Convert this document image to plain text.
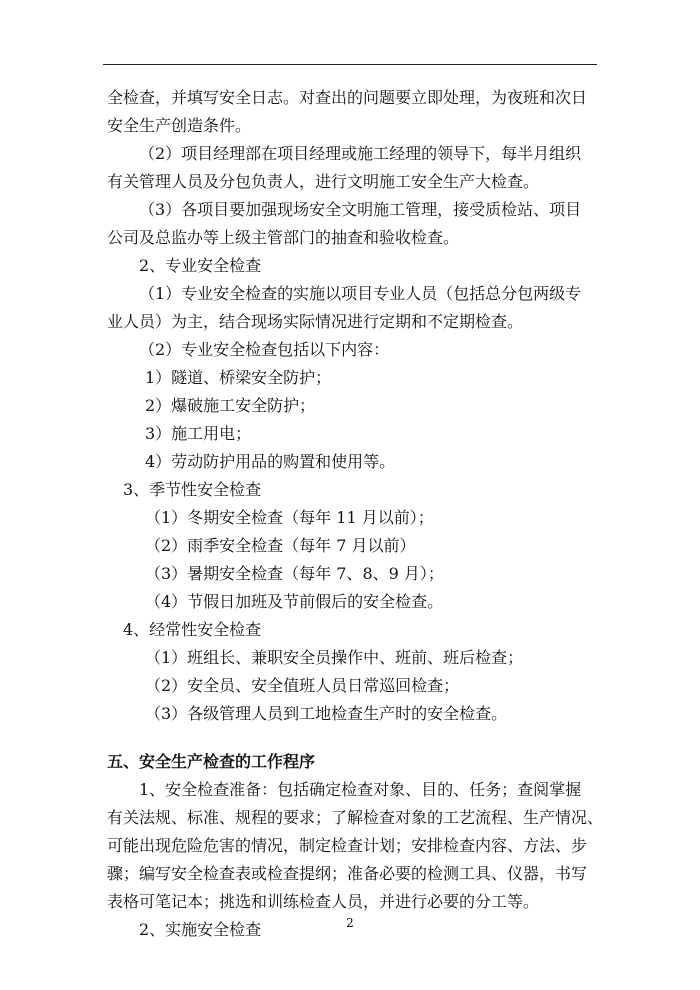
全检查，并填写安全日志。对查出的问题要立即处理，为夜班和次日

安全生产创造条件。

（2）项目经理部在项目经理或施工经理的领导下，每半月组织

有关管理人员及分包负责人，进行文明施工安全生产大检查。

（3）各项目要加强现场安全文明施工管理，接受质检站、项目

公司及总监办等上级主管部门的抽查和验收检查。

2、专业安全检查

（1）专业安全检查的实施以项目专业人员（包括总分包两级专

业人员）为主，结合现场实际情况进行定期和不定期检查。

（2）专业安全检查包括以下内容：

1）隧道、桥梁安全防护；

2）爆破施工安全防护；

3）施工用电；

4）劳动防护用品的购置和使用等。

3、季节性安全检查

（1）冬期安全检查（每年 11 月以前）；

（2）雨季安全检查（每年 7 月以前）

（3）暑期安全检查（每年 7、8、9 月）；

（4）节假日加班及节前假后的安全检查。

4、经常性安全检查

（1）班组长、兼职安全员操作中、班前、班后检查；

（2）安全员、安全值班人员日常巡回检查；

（3）各级管理人员到工地检查生产时的安全检查。

五、安全生产检查的工作程序

1、安全检查准备：包括确定检查对象、目的、任务；查阅掌握

有关法规、标准、规程的要求；了解检查对象的工艺流程、生产情况、

可能出现危险危害的情况，制定检查计划；安排检查内容、方法、步

骤；编写安全检查表或检查提纲；准备必要的检测工具、仪器，书写

表格可笔记本；挑选和训练检查人员，并进行必要的分工等。

2、实施安全检查	2
